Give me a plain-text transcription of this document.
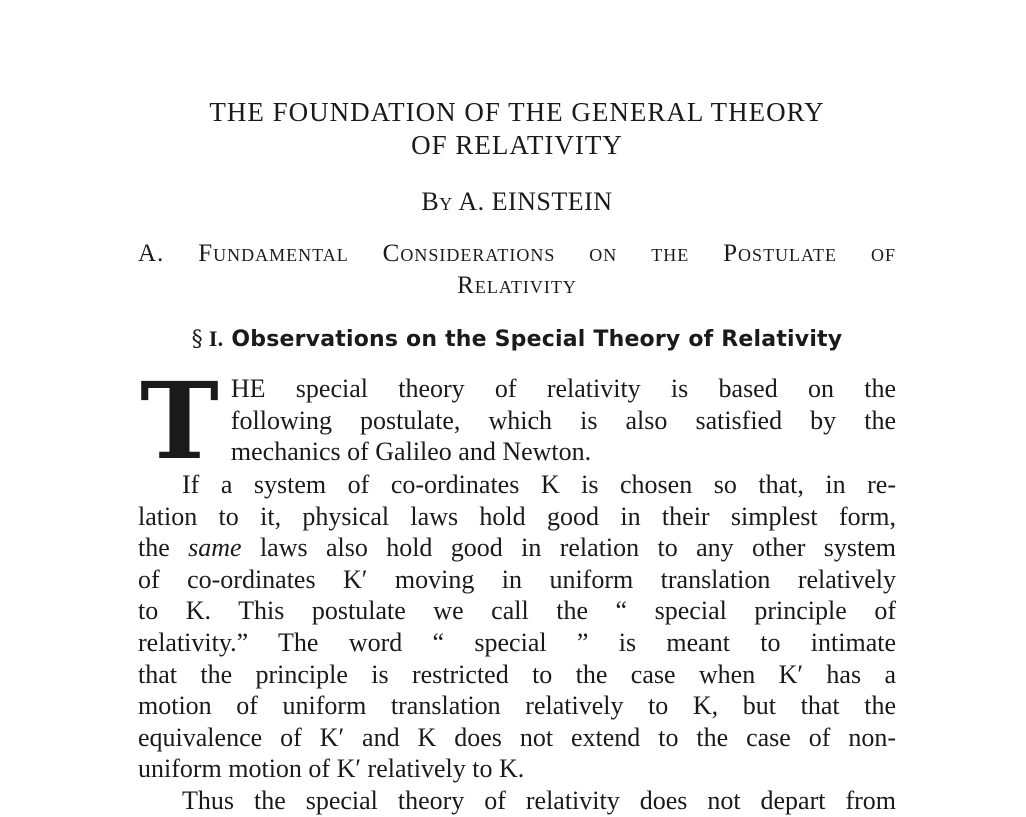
THE FOUNDATION OF THE GENERAL THEORY
OF RELATIVITY
By A. EINSTEIN
A. Fundamental Considerations on the Postulate of
Relativity
§ I. Observations on the Special Theory of Relativity
T HE special theory of relativity is based on the
following postulate, which is also satisfied by the
mechanics of Galileo and Newton.
If a system of co-ordinates K is chosen so that, in re-
lation to it, physical laws hold good in their simplest form,
the same laws also hold good in relation to any other system
of co-ordinates K′ moving in uniform translation relatively
to K. This postulate we call the “ special principle of
relativity.” The word “ special ” is meant to intimate
that the principle is restricted to the case when K′ has a
motion of uniform translation relatively to K, but that the
equivalence of K′ and K does not extend to the case of non-
uniform motion of K′ relatively to K.
Thus the special theory of relativity does not depart from
